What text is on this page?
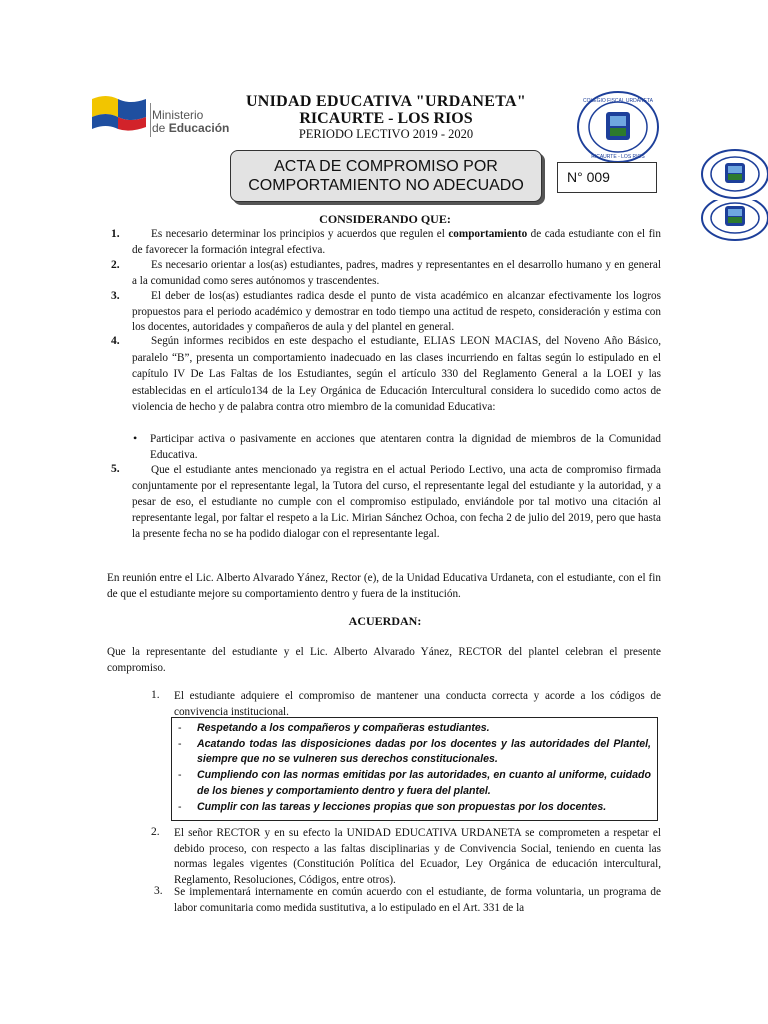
Ministerio
de Educación
UNIDAD EDUCATIVA "URDANETA"
RICAURTE - LOS RIOS
PERIODO LECTIVO 2019 - 2020
COLEGIO FISCAL URDANETA
RICAURTE - LOS RIOS
ACTA DE COMPROMISO POR
COMPORTAMIENTO NO ADECUADO	N° 009
CONSIDERANDO QUE:
1.	Es necesario determinar los principios y acuerdos que regulen el comportamiento de cada estudiante con el fin de favorecer la formación integral efectiva.
2.	Es necesario orientar a los(as) estudiantes, padres, madres y representantes en el desarrollo humano y en general a la comunidad como seres autónomos y trascendentes.
3.	El deber de los(as) estudiantes radica desde el punto de vista académico en alcanzar efectivamente los logros propuestos para el periodo académico y demostrar en todo tiempo una actitud de respeto, consideración y estima con los docentes, autoridades y compañeros de aula y del plantel en general.
4.	Según informes recibidos en este despacho el estudiante, ELIAS LEON MACIAS, del Noveno Año Básico, paralelo “B”, presenta un comportamiento inadecuado en las clases incurriendo en faltas según lo estipulado en el capítulo IV De Las Faltas de los Estudiantes, según el artículo 330 del Reglamento General a la LOEI y las establecidas en el artículo134 de la Ley Orgánica de Educación Intercultural considera lo sucedido como actos de violencia de hecho y de palabra contra otro miembro de la comunidad Educativa:
• Participar activa o pasivamente en acciones que atentaren contra la dignidad de miembros de la Comunidad Educativa.
5.	Que el estudiante antes mencionado ya registra en el actual Periodo Lectivo, una acta de compromiso firmada conjuntamente por el representante legal, la Tutora del curso, el representante legal del estudiante y la autoridad, y a pesar de eso, el estudiante no cumple con el compromiso estipulado, enviándole por tal motivo una citación al representante legal, por faltar el respeto a la Lic. Mirian Sánchez Ochoa, con fecha 2 de julio del 2019, pero que hasta la presente fecha no se ha podido dialogar con el representante legal.
En reunión entre el Lic. Alberto Alvarado Yánez, Rector (e), de la Unidad Educativa Urdaneta, con el estudiante, con el fin de que el estudiante mejore su comportamiento dentro y fuera de la institución.
ACUERDAN:
Que la representante del estudiante y el Lic. Alberto Alvarado Yánez, RECTOR del plantel celebran el presente compromiso.
1. El estudiante adquiere el compromiso de mantener una conducta correcta y acorde a los códigos de convivencia institucional.
-	Respetando a los compañeros y compañeras estudiantes.
-	Acatando todas las disposiciones dadas por los docentes y las autoridades del Plantel, siempre que no se vulneren sus derechos constitucionales.
-	Cumpliendo con las normas emitidas por las autoridades, en cuanto al uniforme, cuidado de los bienes y comportamiento dentro y fuera del plantel.
-	Cumplir con las tareas y lecciones propias que son propuestas por los docentes.
2. El señor RECTOR y en su efecto la UNIDAD EDUCATIVA URDANETA se comprometen a respetar el debido proceso, con respecto a las faltas disciplinarias y de Convivencia Social, teniendo en cuenta las normas legales vigentes (Constitución Política del Ecuador, Ley Orgánica de educación intercultural, Reglamento, Resoluciones, Códigos, entre otros).
3. Se implementará internamente en común acuerdo con el estudiante, de forma voluntaria, un programa de labor comunitaria como medida sustitutiva, a lo estipulado en el Art. 331 de la
